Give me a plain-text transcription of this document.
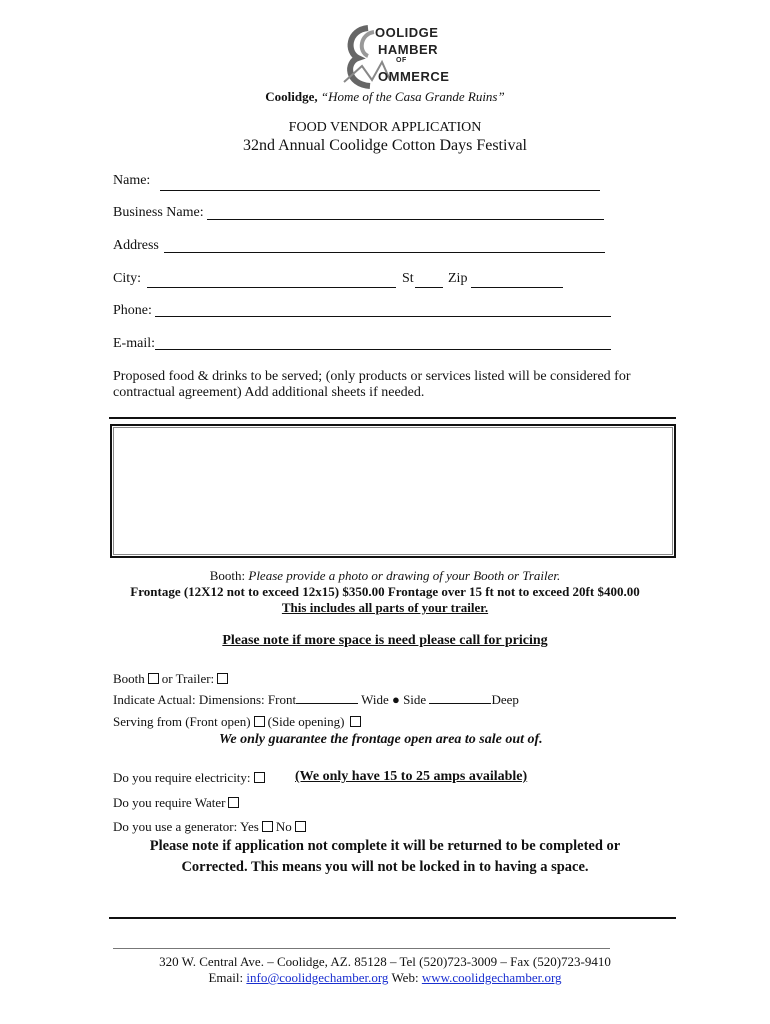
OOLIDGE
HAMBER
OF
OMMERCE
Coolidge, “Home of the Casa Grande Ruins”
FOOD VENDOR APPLICATION
32nd Annual Coolidge Cotton Days Festival
Name:
Business Name:
Address
City:	St Zip
Phone:
E-mail:
Proposed food & drinks to be served; (only products or services listed will be considered for
contractual agreement) Add additional sheets if needed.
Booth: Please provide a photo or drawing of your Booth or Trailer.
Frontage (12X12 not to exceed 12x15) $350.00 Frontage over 15 ft not to exceed 20ft $400.00
This includes all parts of your trailer.
Please note if more space is need please call for pricing
Booth or Trailer:
Indicate Actual: Dimensions: Front	Wide ● Side	Deep
Serving from (Front open) (Side opening)
We only guarantee the frontage open area to sale out of.
Do you require electricity:	(We only have 15 to 25 amps available)
Do you require Water
Do you use a generator: Yes No
Please note if application not complete it will be returned to be completed or
Corrected. This means you will not be locked in to having a space.
320 W. Central Ave. – Coolidge, AZ. 85128 – Tel (520)723-3009 – Fax (520)723-9410
Email: info@coolidgechamber.org Web: www.coolidgechamber.org
